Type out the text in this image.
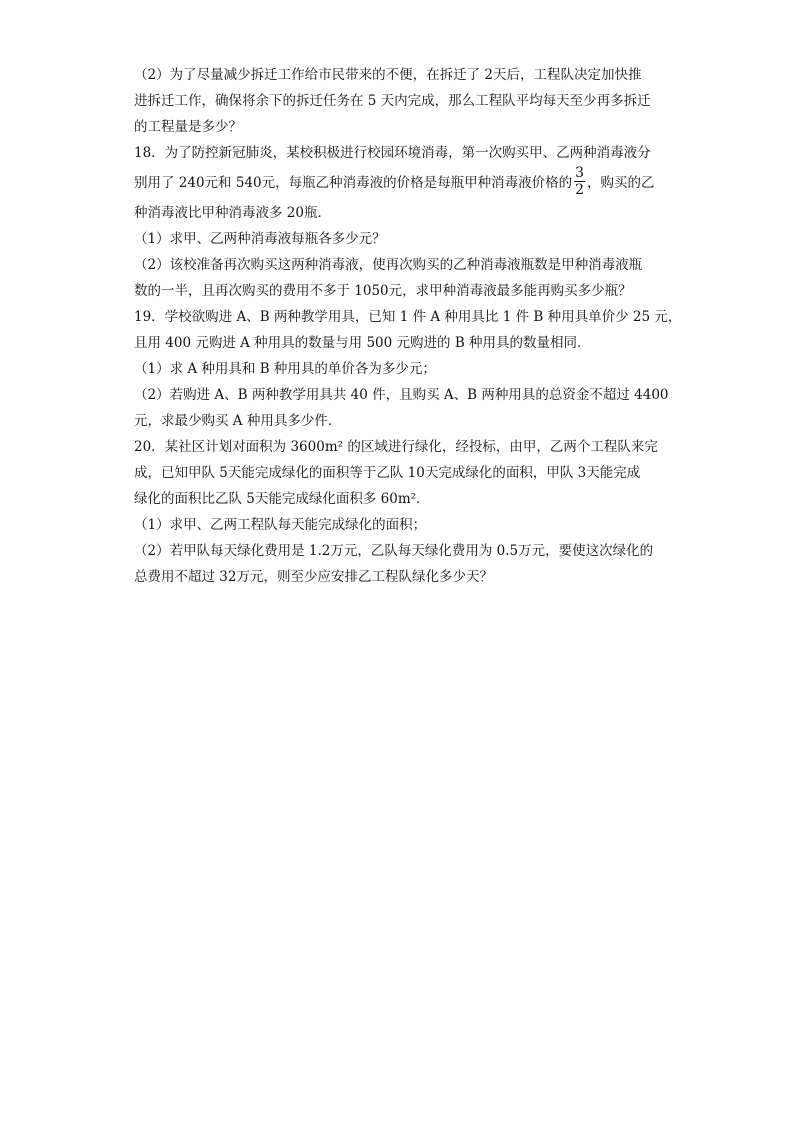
（2）为了尽量减少拆迁工作给市民带来的不便，在拆迁了 2天后，工程队决定加快推
进拆迁工作，确保将余下的拆迁任务在 5 天内完成，那么工程队平均每天至少再多拆迁
的工程量是多少？
18．为了防控新冠肺炎，某校积极进行校园环境消毒，第一次购买甲、乙两种消毒液分
别用了 240元和 540元，每瓶乙种消毒液的价格是每瓶甲种消毒液价格的 $\frac{3}{2}$ ，购买的乙
种消毒液比甲种消毒液多 20瓶．
（1）求甲、乙两种消毒液每瓶各多少元？
（2）该校准备再次购买这两种消毒液，使再次购买的乙种消毒液瓶数是甲种消毒液瓶
数的一半，且再次购买的费用不多于 1050元，求甲种消毒液最多能再购买多少瓶？
19．学校欲购进 A、B 两种教学用具，已知 1 件 A 种用具比 1 件 B 种用具单价少 25 元，
且用 400 元购进 A 种用具的数量与用 500 元购进的 B 种用具的数量相同．
（1）求 A 种用具和 B 种用具的单价各为多少元；
（2）若购进 A、B 两种教学用具共 40 件，且购买 A、B 两种用具的总资金不超过 4400
元，求最少购买 A 种用具多少件．
20．某社区计划对面积为 3600m² 的区域进行绿化，经投标，由甲，乙两个工程队来完
成，已知甲队 5天能完成绿化的面积等于乙队 10天完成绿化的面积，甲队 3天能完成
绿化的面积比乙队 5天能完成绿化面积多 60m²．
（1）求甲、乙两工程队每天能完成绿化的面积；
（2）若甲队每天绿化费用是 1.2万元，乙队每天绿化费用为 0.5万元，要使这次绿化的
总费用不超过 32万元，则至少应安排乙工程队绿化多少天？
